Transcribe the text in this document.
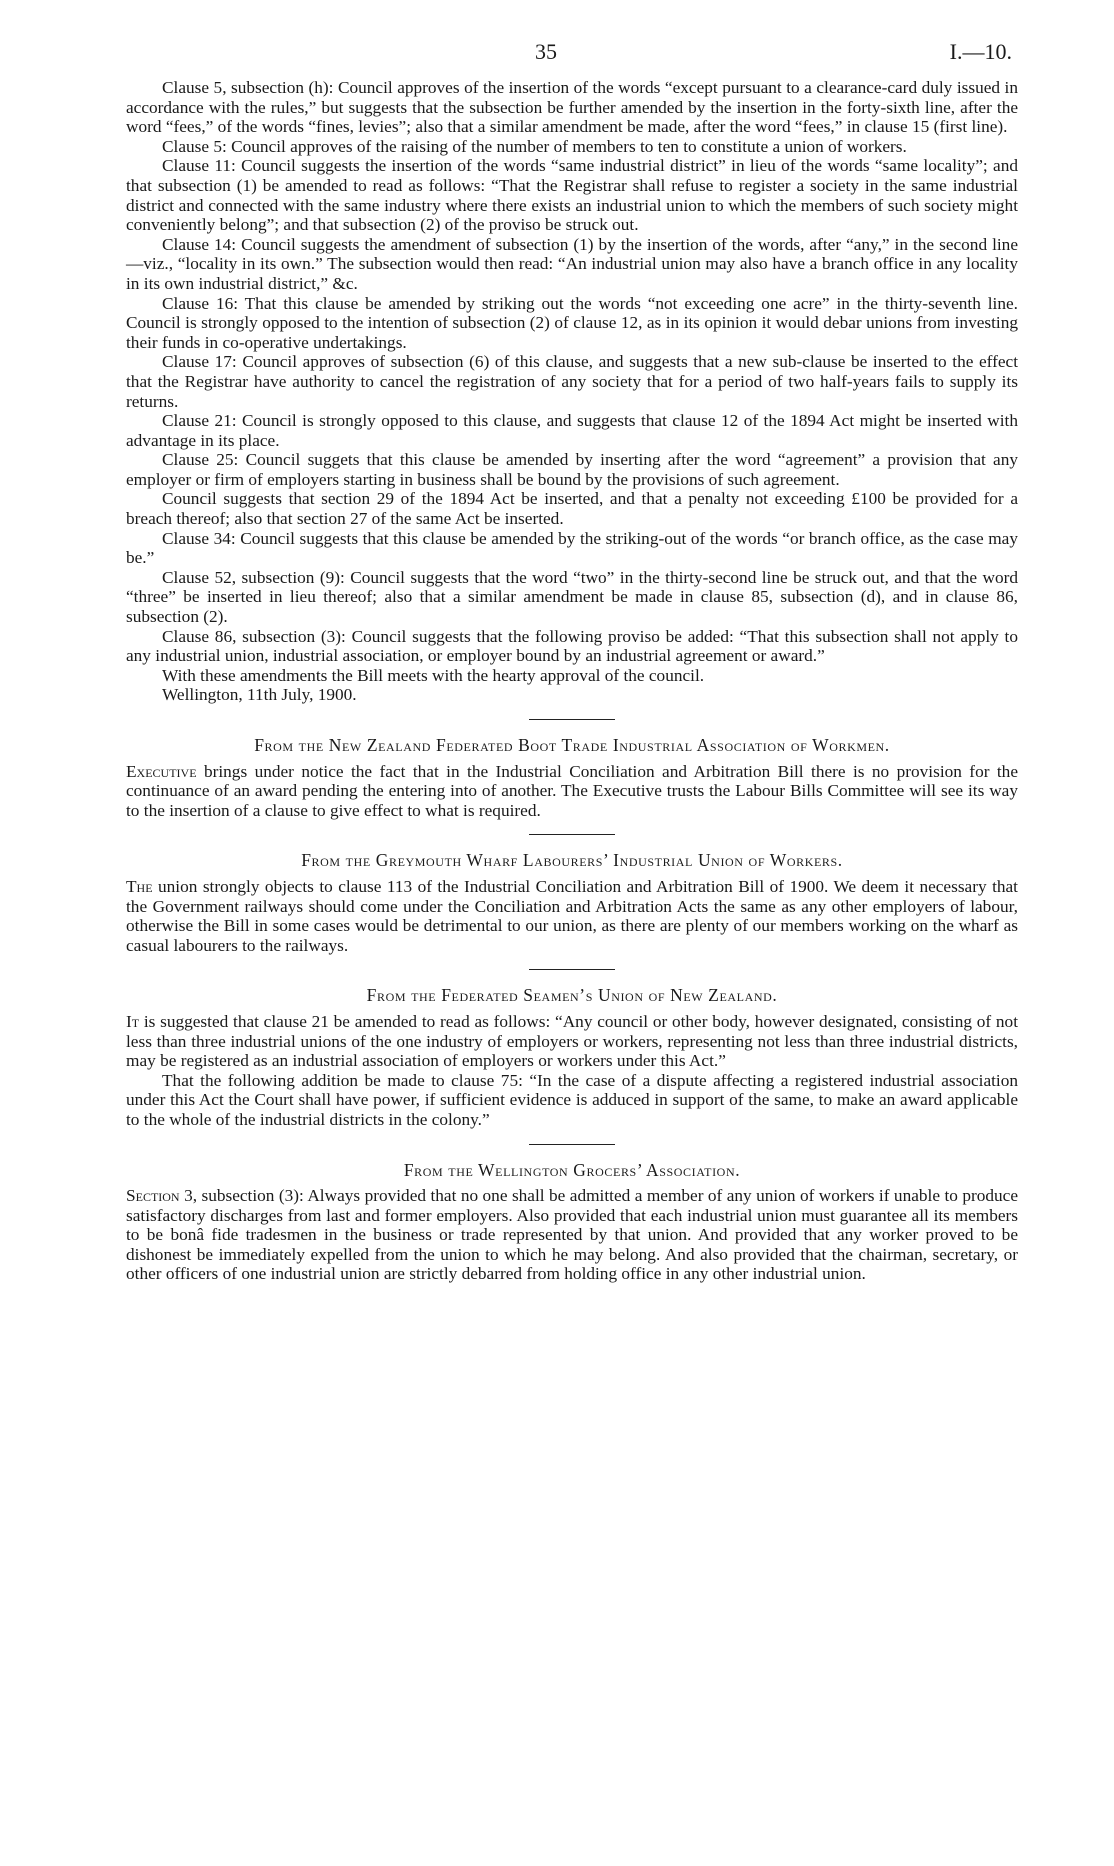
35	I.—10.

Clause 5, subsection (h): Council approves of the insertion of the words “except pursuant to a clearance-card duly issued in accordance with the rules,” but suggests that the subsection be further amended by the insertion in the forty-sixth line, after the word “fees,” of the words “fines, levies”; also that a similar amendment be made, after the word “fees,” in clause 15 (first line).

Clause 5: Council approves of the raising of the number of members to ten to constitute a union of workers.

Clause 11: Council suggests the insertion of the words “same industrial district” in lieu of the words “same locality”; and that subsection (1) be amended to read as follows: “That the Registrar shall refuse to register a society in the same industrial district and connected with the same industry where there exists an industrial union to which the members of such society might conveniently belong”; and that subsection (2) of the proviso be struck out.

Clause 14: Council suggests the amendment of subsection (1) by the insertion of the words, after “any,” in the second line—viz., “locality in its own.” The subsection would then read: “An industrial union may also have a branch office in any locality in its own industrial district,” &c.

Clause 16: That this clause be amended by striking out the words “not exceeding one acre” in the thirty-seventh line. Council is strongly opposed to the intention of subsection (2) of clause 12, as in its opinion it would debar unions from investing their funds in co-operative undertakings.

Clause 17: Council approves of subsection (6) of this clause, and suggests that a new sub-clause be inserted to the effect that the Registrar have authority to cancel the registration of any society that for a period of two half-years fails to supply its returns.

Clause 21: Council is strongly opposed to this clause, and suggests that clause 12 of the 1894 Act might be inserted with advantage in its place.

Clause 25: Council suggets that this clause be amended by inserting after the word “agreement” a provision that any employer or firm of employers starting in business shall be bound by the provisions of such agreement.

Council suggests that section 29 of the 1894 Act be inserted, and that a penalty not exceeding £100 be provided for a breach thereof; also that section 27 of the same Act be inserted.

Clause 34: Council suggests that this clause be amended by the striking-out of the words “or branch office, as the case may be.”

Clause 52, subsection (9): Council suggests that the word “two” in the thirty-second line be struck out, and that the word “three” be inserted in lieu thereof; also that a similar amendment be made in clause 85, subsection (d), and in clause 86, subsection (2).

Clause 86, subsection (3): Council suggests that the following proviso be added: “That this subsection shall not apply to any industrial union, industrial association, or employer bound by an industrial agreement or award.”

With these amendments the Bill meets with the hearty approval of the council.

Wellington, 11th July, 1900.

From the New Zealand Federated Boot Trade Industrial Association of Workmen.

Executive brings under notice the fact that in the Industrial Conciliation and Arbitration Bill there is no provision for the continuance of an award pending the entering into of another. The Executive trusts the Labour Bills Committee will see its way to the insertion of a clause to give effect to what is required.

From the Greymouth Wharf Labourers’ Industrial Union of Workers.

The union strongly objects to clause 113 of the Industrial Conciliation and Arbitration Bill of 1900. We deem it necessary that the Government railways should come under the Conciliation and Arbitration Acts the same as any other employers of labour, otherwise the Bill in some cases would be detrimental to our union, as there are plenty of our members working on the wharf as casual labourers to the railways.

From the Federated Seamen’s Union of New Zealand.

It is suggested that clause 21 be amended to read as follows: “Any council or other body, however designated, consisting of not less than three industrial unions of the one industry of employers or workers, representing not less than three industrial districts, may be registered as an industrial association of employers or workers under this Act.”

That the following addition be made to clause 75: “In the case of a dispute affecting a registered industrial association under this Act the Court shall have power, if sufficient evidence is adduced in support of the same, to make an award applicable to the whole of the industrial districts in the colony.”

From the Wellington Grocers’ Association.

Section 3, subsection (3): Always provided that no one shall be admitted a member of any union of workers if unable to produce satisfactory discharges from last and former employers. Also provided that each industrial union must guarantee all its members to be bonâ fide tradesmen in the business or trade represented by that union. And provided that any worker proved to be dishonest be immediately expelled from the union to which he may belong. And also provided that the chairman, secretary, or other officers of one industrial union are strictly debarred from holding office in any other industrial union.
